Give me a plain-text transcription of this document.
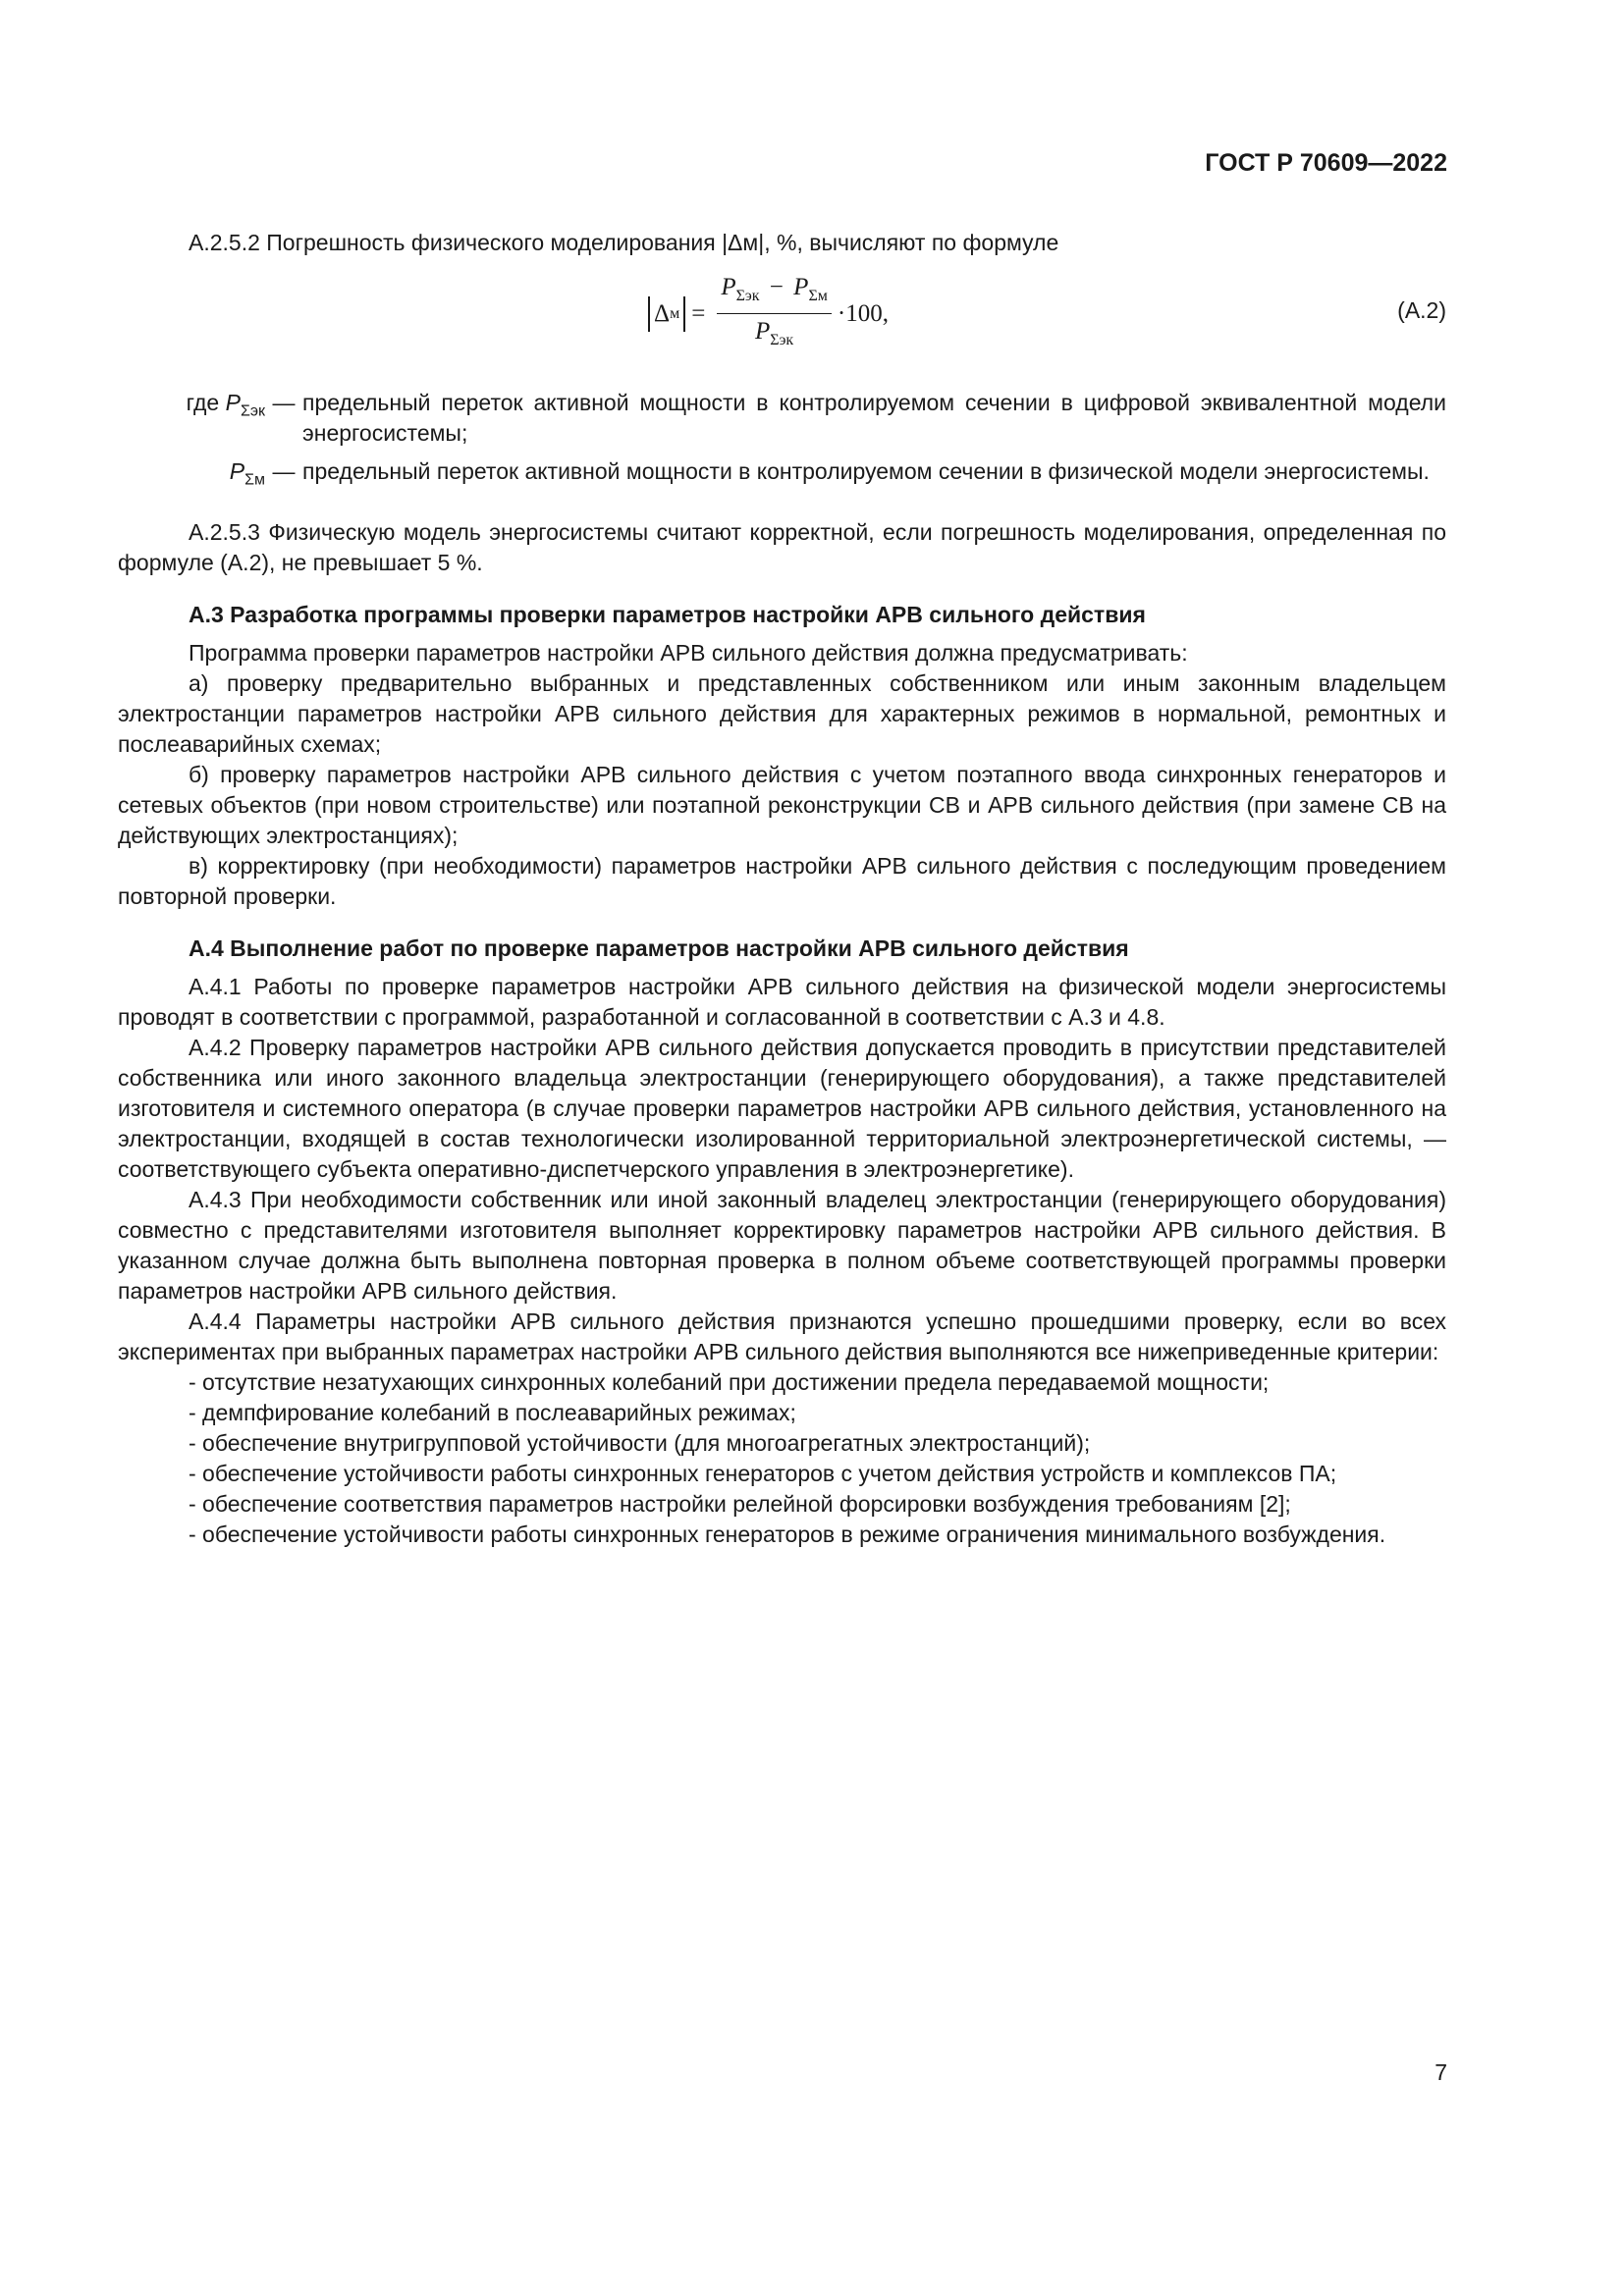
ГОСТ Р 70609—2022

А.2.5.2 Погрешность физического моделирования |Δм|, %, вычисляют по формуле

Δ $м = \frac{P_{\Sigma эк} - P_{\Sigma м}}{P_{\Sigma эк}} \cdot 100$,	(А.2)
где $P_{\Sigma эк}$ — предельный переток активной мощности в контролируемом сечении в цифровой эквивалентной модели энергосистемы;
$P_{\Sigma м}$ — предельный переток активной мощности в контролируемом сечении в физической модели энергосистемы.

А.2.5.3 Физическую модель энергосистемы считают корректной, если погрешность моделирования, определенная по формуле (А.2), не превышает 5 %.

А.3 Разработка программы проверки параметров настройки АРВ сильного действия

Программа проверки параметров настройки АРВ сильного действия должна предусматривать:

а) проверку предварительно выбранных и представленных собственником или иным законным владельцем электростанции параметров настройки АРВ сильного действия для характерных режимов в нормальной, ремонтных и послеаварийных схемах;

б) проверку параметров настройки АРВ сильного действия с учетом поэтапного ввода синхронных генераторов и сетевых объектов (при новом строительстве) или поэтапной реконструкции СВ и АРВ сильного действия (при замене СВ на действующих электростанциях);

в) корректировку (при необходимости) параметров настройки АРВ сильного действия с последующим проведением повторной проверки.

А.4 Выполнение работ по проверке параметров настройки АРВ сильного действия

А.4.1 Работы по проверке параметров настройки АРВ сильного действия на физической модели энергосистемы проводят в соответствии с программой, разработанной и согласованной в соответствии с А.3 и 4.8.

А.4.2 Проверку параметров настройки АРВ сильного действия допускается проводить в присутствии представителей собственника или иного законного владельца электростанции (генерирующего оборудования), а также представителей изготовителя и системного оператора (в случае проверки параметров настройки АРВ сильного действия, установленного на электростанции, входящей в состав технологически изолированной территориальной электроэнергетической системы, — соответствующего субъекта оперативно-диспетчерского управления в электроэнергетике).

А.4.3 При необходимости собственник или иной законный владелец электростанции (генерирующего оборудования) совместно с представителями изготовителя выполняет корректировку параметров настройки АРВ сильного действия. В указанном случае должна быть выполнена повторная проверка в полном объеме соответствующей программы проверки параметров настройки АРВ сильного действия.

А.4.4 Параметры настройки АРВ сильного действия признаются успешно прошедшими проверку, если во всех экспериментах при выбранных параметрах настройки АРВ сильного действия выполняются все нижеприведенные критерии:

- отсутствие незатухающих синхронных колебаний при достижении предела передаваемой мощности;

- демпфирование колебаний в послеаварийных режимах;

- обеспечение внутригрупповой устойчивости (для многоагрегатных электростанций);

- обеспечение устойчивости работы синхронных генераторов с учетом действия устройств и комплексов ПА;

- обеспечение соответствия параметров настройки релейной форсировки возбуждения требованиям [2];

- обеспечение устойчивости работы синхронных генераторов в режиме ограничения минимального возбуждения.

7
